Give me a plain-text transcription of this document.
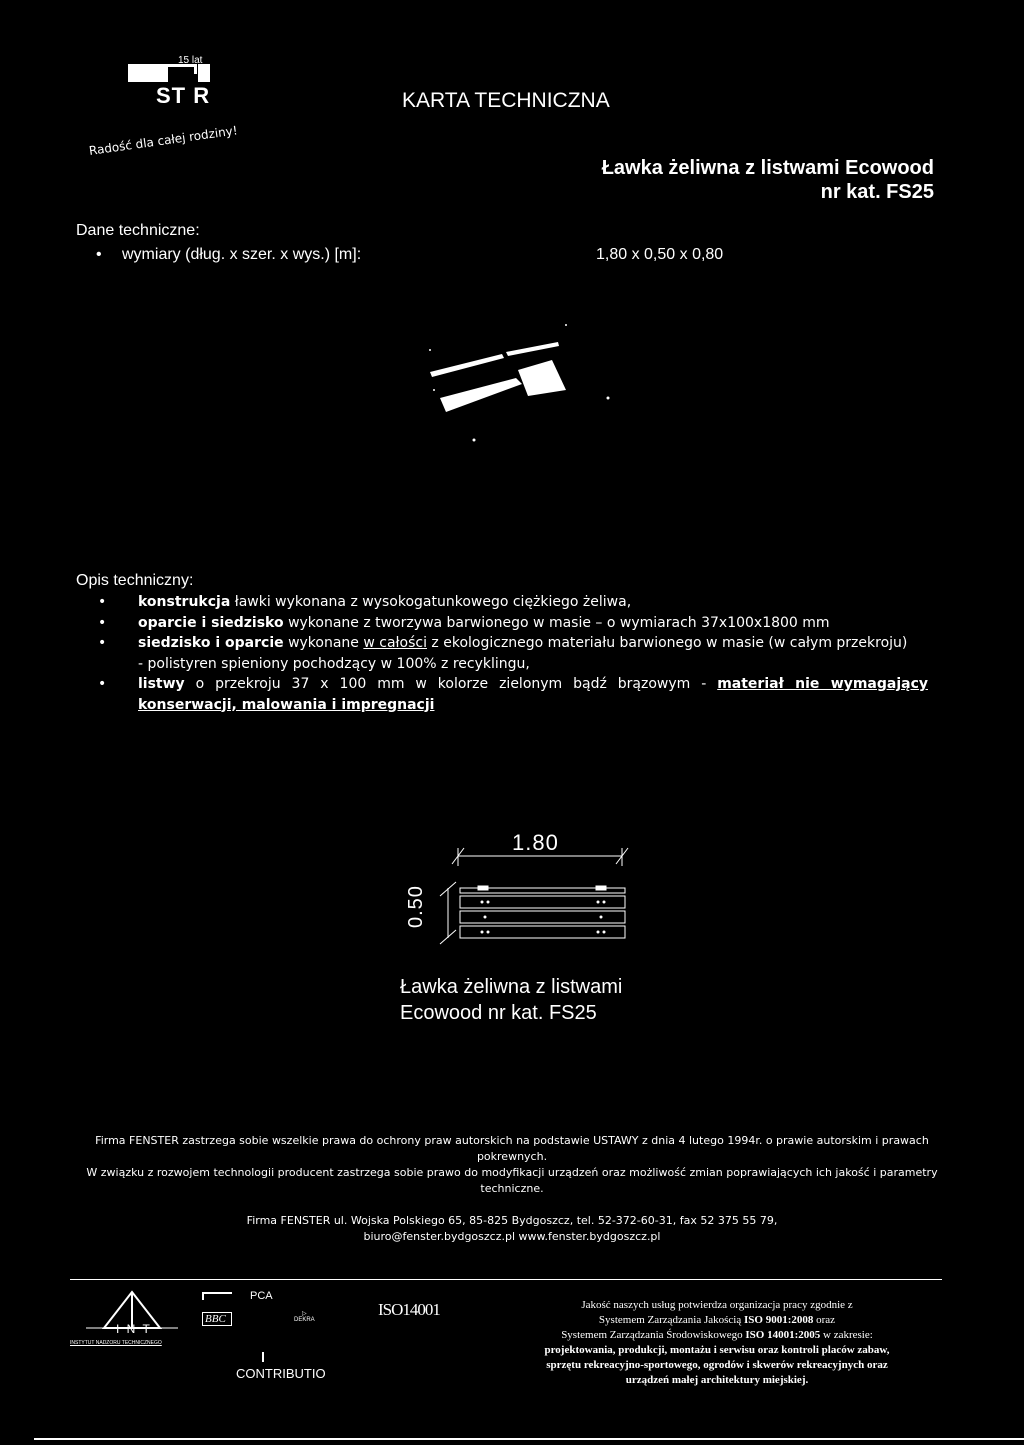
15 lat
ST R	KARTA TECHNICZNA
Radość dla całej rodziny!
Ławka żeliwna z listwami Ecowood
nr kat. FS25
Dane techniczne:
•	wymiary (dług. x szer. x wys.) [m]:	1,80 x 0,50 x 0,80
Opis techniczny:
• konstrukcja ławki wykonana z wysokogatunkowego ciężkiego żeliwa,
• oparcie i siedzisko wykonane z tworzywa barwionego w masie – o wymiarach 37x100x1800 mm
• siedzisko i oparcie wykonane w całości z ekologicznego materiału barwionego w masie (w całym przekroju)
- polistyren spieniony pochodzący w 100% z recyklingu,
• listwy o przekroju 37 x 100 mm w kolorze zielonym bądź brązowym - materiał nie wymagający
konserwacji, malowania i impregnacji
1.80
0.50
Ławka żeliwna z listwami
Ecowood nr kat. FS25

Firma FENSTER zastrzega sobie wszelkie prawa do ochrony praw autorskich na podstawie USTAWY z dnia 4 lutego 1994r. o prawie autorskim i prawach pokrewnych.

W związku z rozwojem technologii producent zastrzega sobie prawo do modyfikacji urządzeń oraz możliwość zmian poprawiających ich jakość i parametry techniczne.

Firma FENSTER ul. Wojska Polskiego 65, 85-825 Bydgoszcz, tel. 52-372-60-31, fax 52 375 55 79,

biuro@fenster.bydgoszcz.pl www.fenster.bydgoszcz.pl

I N T
INSTYTUT NADZORU TECHNICZNEGO
BBC
PCA
▷
DEKRA
ISO14001
CONTRIBUTIO
Jakość naszych usług potwierdza organizacja pracy zgodnie z
Systemem Zarządzania Jakością ISO 9001:2008 oraz
Systemem Zarządzania Środowiskowego ISO 14001:2005 w zakresie:
projektowania, produkcji, montażu i serwisu oraz kontroli placów zabaw,
sprzętu rekreacyjno-sportowego, ogrodów i skwerów rekreacyjnych oraz
urządzeń małej architektury miejskiej.
